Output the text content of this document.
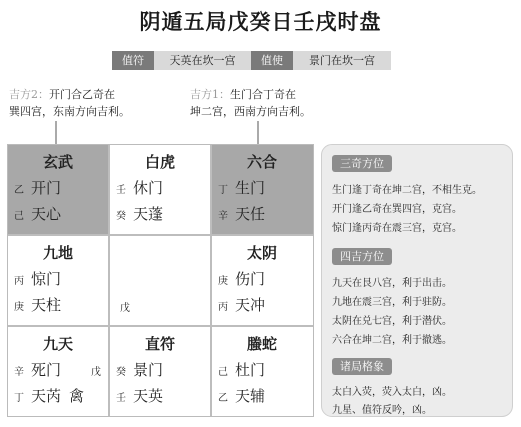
阴遁五局戊癸日壬戌时盘
值符	天英在坎一宫	值使	景门在坎一宫
吉方2：开门合乙奇在
巽四宫，东南方向吉利。
吉方1：生门合丁奇在
坤二宫，西南方向吉利。
玄武
乙 开门
己 天心
白虎
壬 休门
癸 天蓬
六合
丁 生门
辛 天任
九地
丙 惊门
庚 天柱	戊
太阴
庚 伤门
丙 天冲
九天
辛 死门	戊
丁 天芮 禽
直符
癸 景门
壬 天英
螣蛇
己 杜门
乙 天辅
三奇方位
生门逢丁奇在坤二宫，不相生克。
开门逢乙奇在巽四宫，克宫。
惊门逢丙奇在震三宫，克宫。
四吉方位
九天在艮八宫，利于出击。
九地在震三宫，利于驻防。
太阴在兑七宫，利于潜伏。
六合在坤二宫，利于撤逃。
诸局格象
太白入荧，荧入太白，凶。
九星、值符反吟，凶。
